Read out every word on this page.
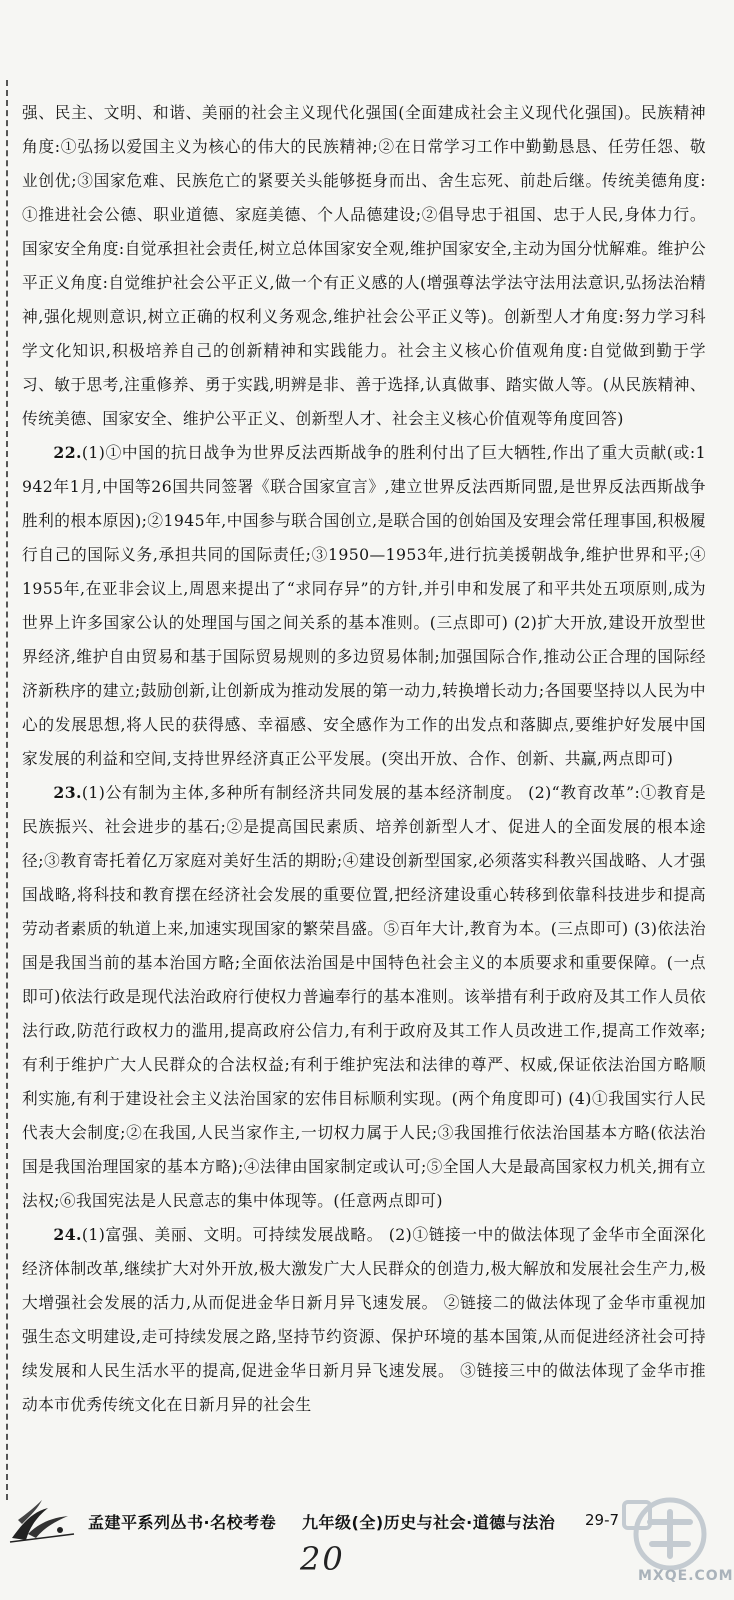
强、民主、文明、和谐、美丽的社会主义现代化强国(全面建成社会主义现代化强国)。民族精神角度:①弘扬以爱国主义为核心的伟大的民族精神;②在日常学习工作中勤勤恳恳、任劳任怨、敬业创优;③国家危难、民族危亡的紧要关头能够挺身而出、舍生忘死、前赴后继。传统美德角度:①推进社会公德、职业道德、家庭美德、个人品德建设;②倡导忠于祖国、忠于人民,身体力行。国家安全角度:自觉承担社会责任,树立总体国家安全观,维护国家安全,主动为国分忧解难。维护公平正义角度:自觉维护社会公平正义,做一个有正义感的人(增强尊法学法守法用法意识,弘扬法治精神,强化规则意识,树立正确的权利义务观念,维护社会公平正义等)。创新型人才角度:努力学习科学文化知识,积极培养自己的创新精神和实践能力。社会主义核心价值观角度:自觉做到勤于学习、敏于思考,注重修养、勇于实践,明辨是非、善于选择,认真做事、踏实做人等。(从民族精神、传统美德、国家安全、维护公平正义、创新型人才、社会主义核心价值观等角度回答)

22.(1)①中国的抗日战争为世界反法西斯战争的胜利付出了巨大牺牲,作出了重大贡献(或:1942年1月,中国等26国共同签署《联合国家宣言》,建立世界反法西斯同盟,是世界反法西斯战争胜利的根本原因);②1945年,中国参与联合国创立,是联合国的创始国及安理会常任理事国,积极履行自己的国际义务,承担共同的国际责任;③1950—1953年,进行抗美援朝战争,维护世界和平;④1955年,在亚非会议上,周恩来提出了“求同存异”的方针,并引申和发展了和平共处五项原则,成为世界上许多国家公认的处理国与国之间关系的基本准则。(三点即可) (2)扩大开放,建设开放型世界经济,维护自由贸易和基于国际贸易规则的多边贸易体制;加强国际合作,推动公正合理的国际经济新秩序的建立;鼓励创新,让创新成为推动发展的第一动力,转换增长动力;各国要坚持以人民为中心的发展思想,将人民的获得感、幸福感、安全感作为工作的出发点和落脚点,要维护好发展中国家发展的利益和空间,支持世界经济真正公平发展。(突出开放、合作、创新、共赢,两点即可)

23.(1)公有制为主体,多种所有制经济共同发展的基本经济制度。 (2)“教育改革”:①教育是民族振兴、社会进步的基石;②是提高国民素质、培养创新型人才、促进人的全面发展的根本途径;③教育寄托着亿万家庭对美好生活的期盼;④建设创新型国家,必须落实科教兴国战略、人才强国战略,将科技和教育摆在经济社会发展的重要位置,把经济建设重心转移到依靠科技进步和提高劳动者素质的轨道上来,加速实现国家的繁荣昌盛。⑤百年大计,教育为本。(三点即可) (3)依法治国是我国当前的基本治国方略;全面依法治国是中国特色社会主义的本质要求和重要保障。(一点即可)依法行政是现代法治政府行使权力普遍奉行的基本准则。该举措有利于政府及其工作人员依法行政,防范行政权力的滥用,提高政府公信力,有利于政府及其工作人员改进工作,提高工作效率;有利于维护广大人民群众的合法权益;有利于维护宪法和法律的尊严、权威,保证依法治国方略顺利实施,有利于建设社会主义法治国家的宏伟目标顺利实现。(两个角度即可) (4)①我国实行人民代表大会制度;②在我国,人民当家作主,一切权力属于人民;③我国推行依法治国基本方略(依法治国是我国治理国家的基本方略);④法律由国家制定或认可;⑤全国人大是最高国家权力机关,拥有立法权;⑥我国宪法是人民意志的集中体现等。(任意两点即可)

24.(1)富强、美丽、文明。可持续发展战略。 (2)①链接一中的做法体现了金华市全面深化经济体制改革,继续扩大对外开放,极大激发广大人民群众的创造力,极大解放和发展社会生产力,极大增强社会发展的活力,从而促进金华日新月异飞速发展。 ②链接二的做法体现了金华市重视加强生态文明建设,走可持续发展之路,坚持节约资源、保护环境的基本国策,从而促进经济社会可持续发展和人民生活水平的提高,促进金华日新月异飞速发展。 ③链接三中的做法体现了金华市推动本市优秀传统文化在日新月异的社会生

孟建平系列丛书·名校考卷 九年级(全)历史与社会·道德与法治 29-7
20	MXQE.COM
